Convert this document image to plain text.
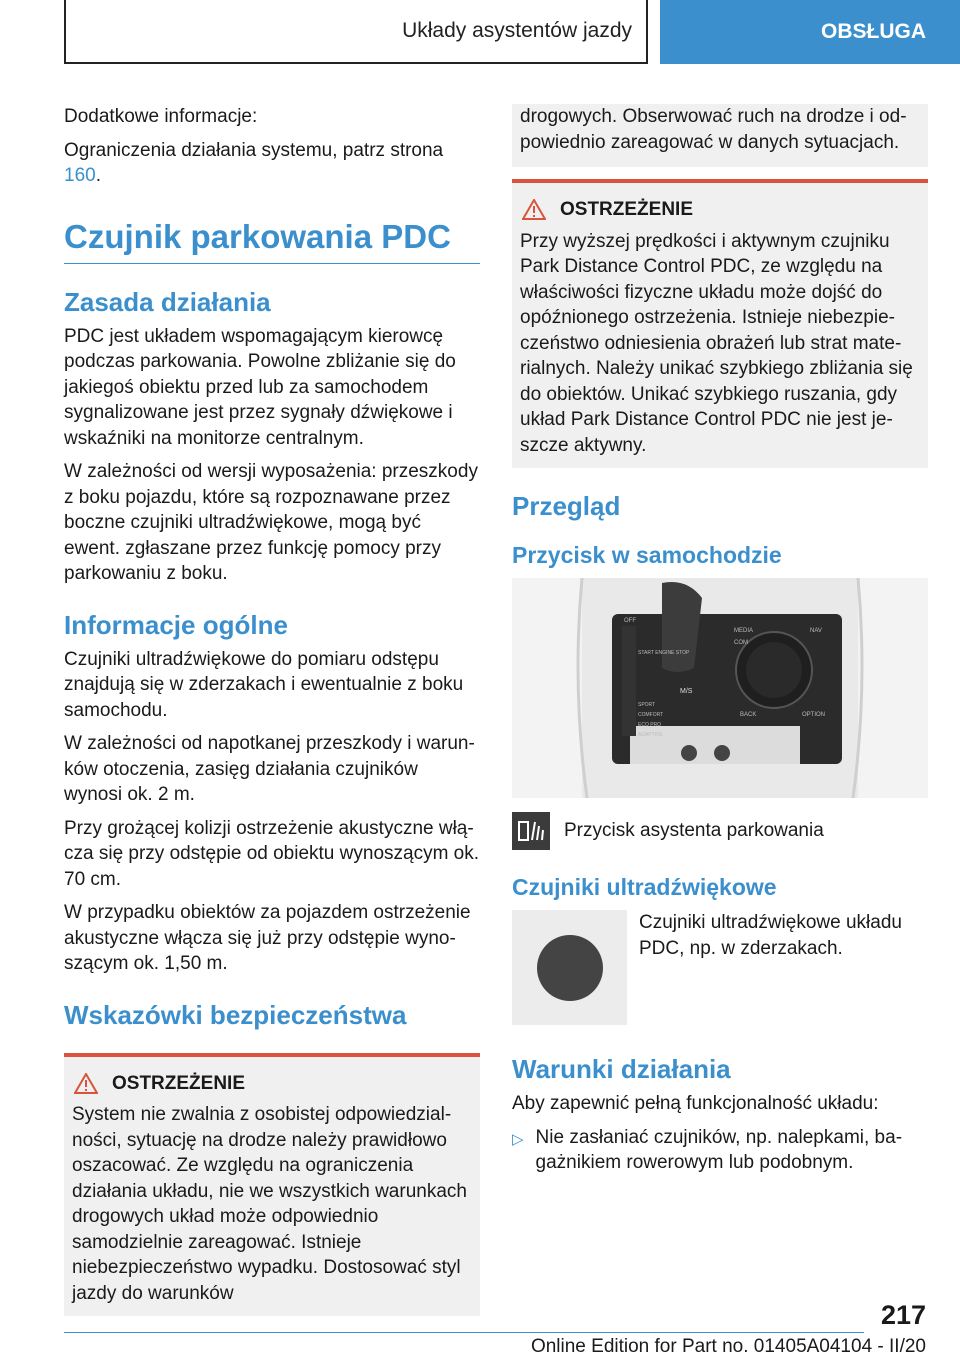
Układy asystentów jazdy	OBSŁUGA

Dodatkowe informacje:

Ograniczenia działania systemu, patrz strona 160.

Czujnik parkowania PDC
Zasada działania

PDC jest układem wspomagającym kierowcę podczas parkowania. Powolne zbliżanie się do jakiegoś obiektu przed lub za samochodem sygnalizowane jest przez sygnały dźwiękowe i wskaźniki na monitorze centralnym.

W zależności od wersji wyposażenia: przeszkody z boku pojazdu, które są rozpoznawane przez boczne czujniki ultradźwiękowe, mogą być ewent. zgłaszane przez funkcję pomocy przy parkowaniu z boku.

Informacje ogólne

Czujniki ultradźwiękowe do pomiaru odstępu znajdują się w zderzakach i ewentualnie z boku samochodu.

W zależności od napotkanej przeszkody i warunków otoczenia, zasięg działania czujników wynosi ok. 2 m.

Przy grożącej kolizji ostrzeżenie akustyczne włącza się przy odstępie od obiektu wynoszącym ok. 70 cm.

W przypadku obiektów za pojazdem ostrzeżenie akustyczne włącza się już przy odstępie wynoszącym ok. 1,50 m.

Wskazówki bezpieczeństwa
OSTRZEŻENIE

System nie zwalnia z osobistej odpowiedzialności, sytuację na drodze należy prawidłowo oszacować. Ze względu na ograniczenia działania układu, nie we wszystkich warunkach drogowych układ może odpowiednio samodzielnie zareagować. Istnieje niebezpieczeństwo wypadku. Dostosować styl jazdy do warunków

drogowych. Obserwować ruch na drodze i odpowiednio zareagować w danych sytuacjach.

OSTRZEŻENIE

Przy wyższej prędkości i aktywnym czujniku Park Distance Control PDC, ze względu na właściwości fizyczne układu może dojść do opóźnionego ostrzeżenia. Istnieje niebezpieczeństwo odniesienia obrażeń lub strat materialnych. Należy unikać szybkiego zbliżania się do obiektów. Unikać szybkiego ruszania, gdy układ Park Distance Control PDC nie jest jeszcze aktywny.

Przegląd
Przycisk w samochodzie
OFF
MEDIA	NAV
COM
START ENGINE STOP
SPORT
COMFORT
ECO PRO
ADAPTIVE
BACK	OPTION
M/S
Przycisk asystenta parkowania
Czujniki ultradźwiękowe

Czujniki ultradźwiękowe układu PDC, np. w zderzakach.

Warunki działania

Aby zapewnić pełną funkcjonalność układu:

▷ Nie zasłaniać czujników, np. nalepkami, bagażnikiem rowerowym lub podobnym.
217
Online Edition for Part no. 01405A04104 - II/20
